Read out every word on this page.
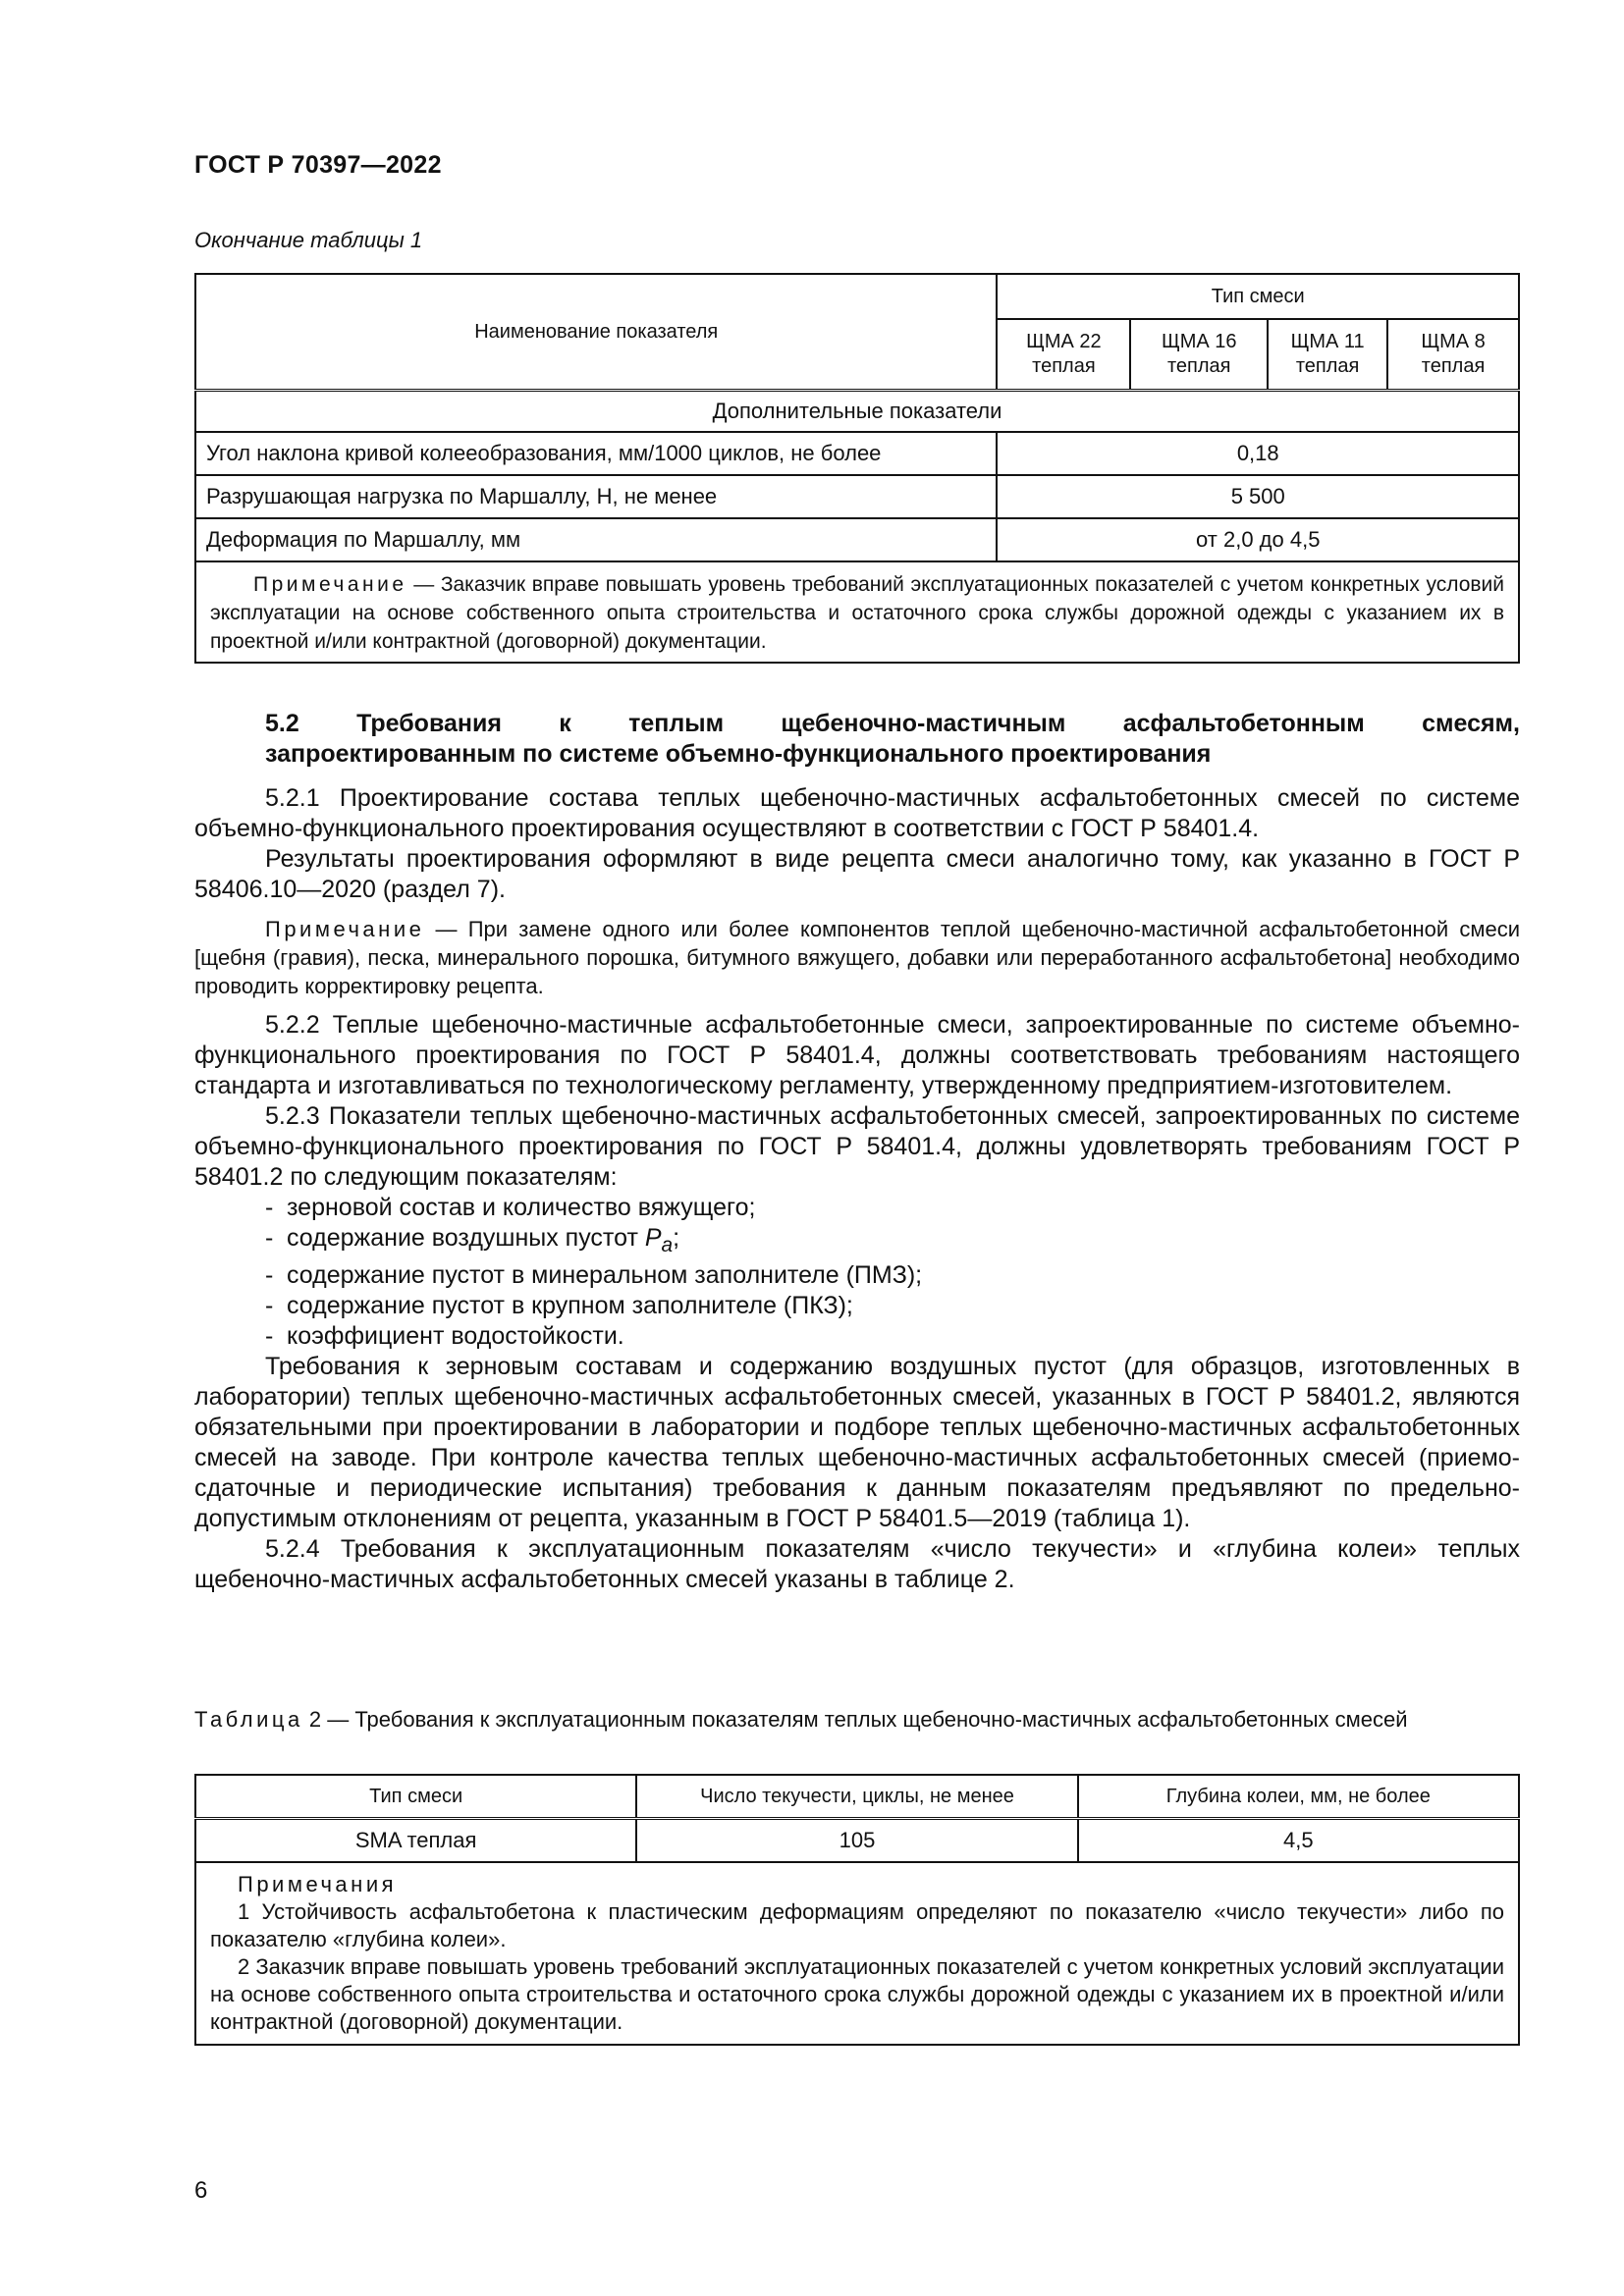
ГОСТ Р 70397—2022
Окончание таблицы 1
Наименование показателя	Тип смеси			
	ЩМА 22 теплая	ЩМА 16 теплая	ЩМА 11 теплая	ЩМА 8 теплая
Дополнительные показатели				
Угол наклона кривой колееобразования, мм/1000 циклов, не более	0,18			
Разрушающая нагрузка по Маршаллу, Н, не менее	5 500			
Деформация по Маршаллу, мм	от 2,0 до 4,5			
Примечание — Заказчик вправе повышать уровень требований эксплуатационных показателей с учетом конкретных условий эксплуатации на основе собственного опыта строительства и остаточного срока службы дорожной одежды с указанием их в проектной и/или контрактной (договорной) документации.				
5.2 Требования к теплым щебеночно-мастичным асфальтобетонным смесям,
запроектированным по системе объемно-функционального проектирования

5.2.1 Проектирование состава теплых щебеночно-мастичных асфальтобетонных смесей по системе объемно-функционального проектирования осуществляют в соответствии с ГОСТ Р 58401.4.

Результаты проектирования оформляют в виде рецепта смеси аналогично тому, как указанно в ГОСТ Р 58406.10—2020 (раздел 7).

Примечание — При замене одного или более компонентов теплой щебеночно-мастичной асфальтобетонной смеси [щебня (гравия), песка, минерального порошка, битумного вяжущего, добавки или переработанного асфальтобетона] необходимо проводить корректировку рецепта.

5.2.2 Теплые щебеночно-мастичные асфальтобетонные смеси, запроектированные по системе объемно-функционального проектирования по ГОСТ Р 58401.4, должны соответствовать требованиям настоящего стандарта и изготавливаться по технологическому регламенту, утвержденному предприятием-изготовителем.

5.2.3 Показатели теплых щебеночно-мастичных асфальтобетонных смесей, запроектированных по системе объемно-функционального проектирования по ГОСТ Р 58401.4, должны удовлетворять требованиям ГОСТ Р 58401.2 по следующим показателям:

- зерновой состав и количество вяжущего;
- содержание воздушных пустот $P_a$;
- содержание пустот в минеральном заполнителе (ПМЗ);
- содержание пустот в крупном заполнителе (ПКЗ);
- коэффициент водостойкости.

Требования к зерновым составам и содержанию воздушных пустот (для образцов, изготовленных в лаборатории) теплых щебеночно-мастичных асфальтобетонных смесей, указанных в ГОСТ Р 58401.2, являются обязательными при проектировании в лаборатории и подборе теплых щебеночно-мастичных асфальтобетонных смесей на заводе. При контроле качества теплых щебеночно-мастичных асфальтобетонных смесей (приемо-сдаточные и периодические испытания) требования к данным показателям предъявляют по предельно-допустимым отклонениям от рецепта, указанным в ГОСТ Р 58401.5—2019 (таблица 1).

5.2.4 Требования к эксплуатационным показателям «число текучести» и «глубина колеи» теплых щебеночно-мастичных асфальтобетонных смесей указаны в таблице 2.

Таблица 2 — Требования к эксплуатационным показателям теплых щебеночно-мастичных асфальтобетонных смесей
Тип смеси	Число текучести, циклы, не менее	Глубина колеи, мм, не более
SMA теплая	105	4,5

Примечания

1 Устойчивость асфальтобетона к пластическим деформациям определяют по показателю «число текучести» либо по показателю «глубина колеи».

2 Заказчик вправе повышать уровень требований эксплуатационных показателей с учетом конкретных условий эксплуатации на основе собственного опыта строительства и остаточного срока службы дорожной одежды с указанием их в проектной и/или контрактной (договорной) документации.		

6
